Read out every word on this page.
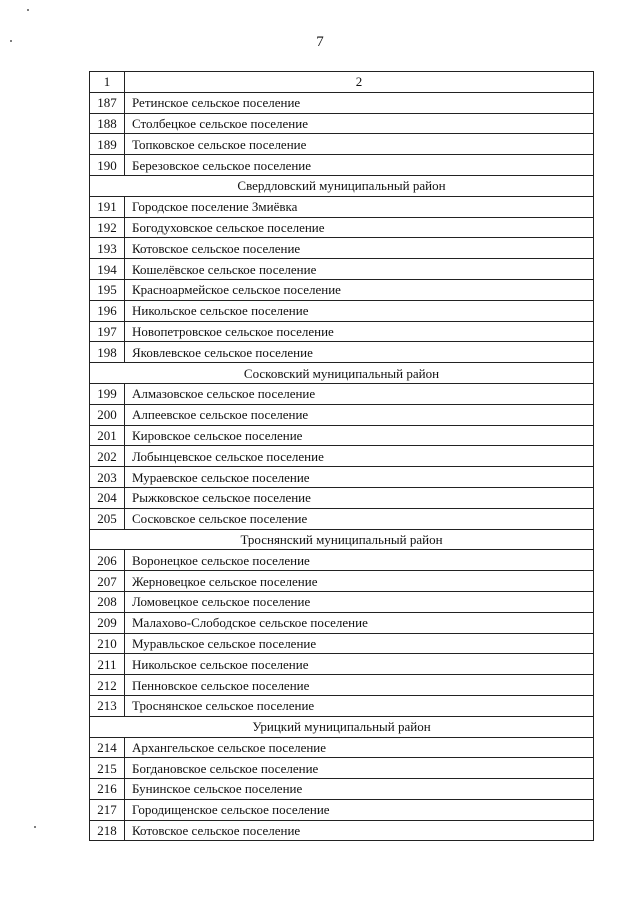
7
1	2
187	Ретинское сельское поселение
188	Столбецкое сельское поселение
189	Топковское сельское поселение
190	Березовское сельское поселение
Свердловский муниципальный район	
191	Городское поселение Змиёвка
192	Богодуховское сельское поселение
193	Котовское сельское поселение
194	Кошелёвское сельское поселение
195	Красноармейское сельское поселение
196	Никольское сельское поселение
197	Новопетровское сельское поселение
198	Яковлевское сельское поселение
Сосковский муниципальный район	
199	Алмазовское сельское поселение
200	Алпеевское сельское поселение
201	Кировское сельское поселение
202	Лобынцевское сельское поселение
203	Мураевское сельское поселение
204	Рыжковское сельское поселение
205	Сосковское сельское поселение
Троснянский муниципальный район	
206	Воронецкое сельское поселение
207	Жерновецкое сельское поселение
208	Ломовецкое сельское поселение
209	Малахово-Слободское сельское поселение
210	Муравльское сельское поселение
211	Никольское сельское поселение
212	Пенновское сельское поселение
213	Троснянское сельское поселение
Урицкий муниципальный район	
214	Архангельское сельское поселение
215	Богдановское сельское поселение
216	Бунинское сельское поселение
217	Городищенское сельское поселение
218	Котовское сельское поселение
